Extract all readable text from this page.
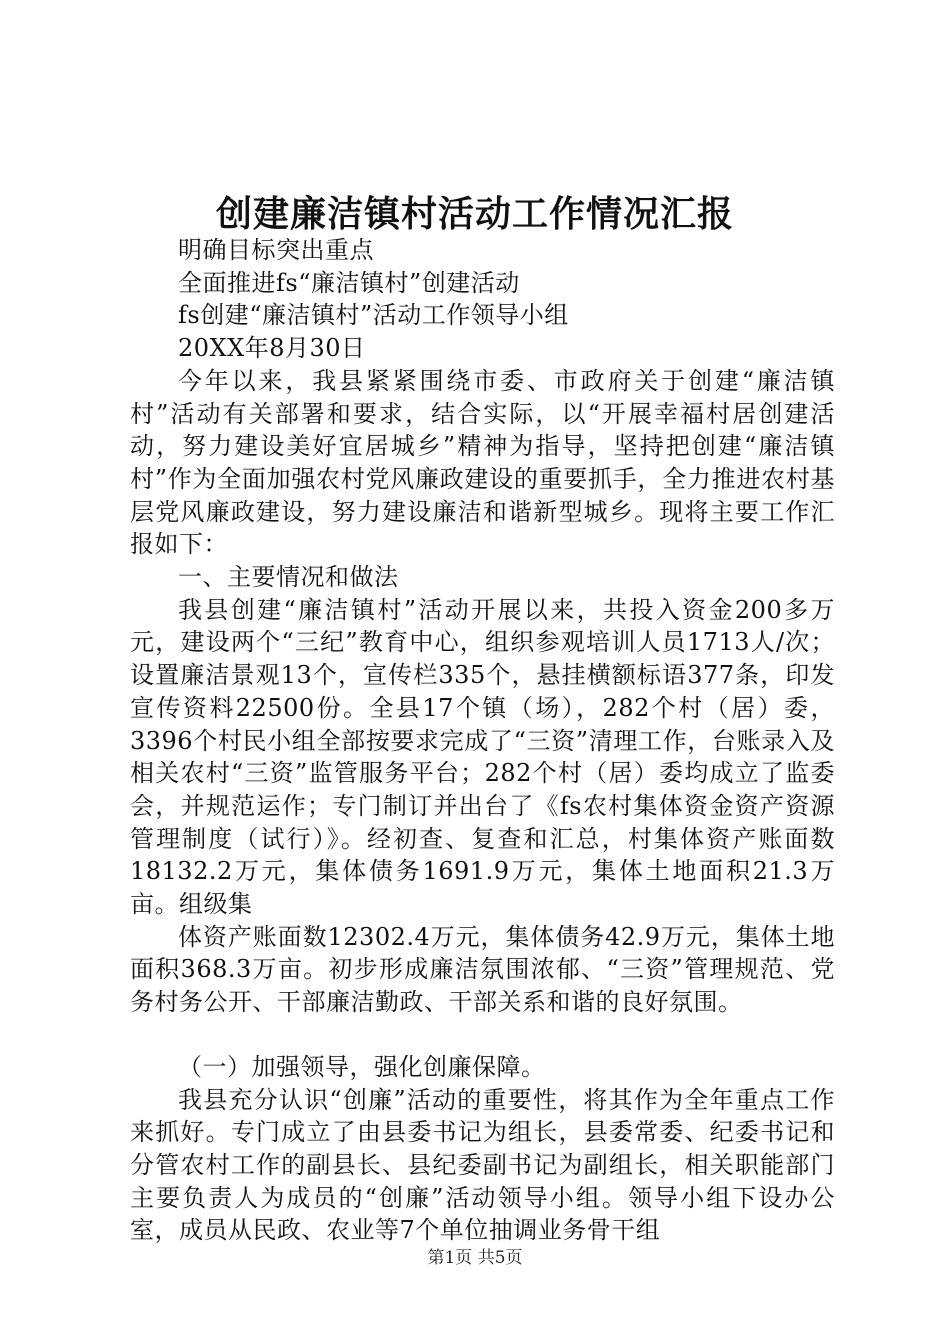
创建廉洁镇村活动工作情况汇报

明确目标突出重点

全面推进fs“廉洁镇村”创建活动

fs创建“廉洁镇村”活动工作领导小组

20XX年8月30日

今年以来，我县紧紧围绕市委、市政府关于创建“廉洁镇村”活动有关部署和要求，结合实际，以“开展幸福村居创建活动，努力建设美好宜居城乡”精神为指导，坚持把创建“廉洁镇村”作为全面加强农村党风廉政建设的重要抓手，全力推进农村基层党风廉政建设，努力建设廉洁和谐新型城乡。现将主要工作汇报如下：

一、主要情况和做法

我县创建“廉洁镇村”活动开展以来，共投入资金200多万元，建设两个“三纪”教育中心，组织参观培训人员1713人/次；设置廉洁景观13个，宣传栏335个，悬挂横额标语377条，印发宣传资料22500份。全县17个镇（场），282个村（居）委，3396个村民小组全部按要求完成了“三资”清理工作，台账录入及相关农村“三资”监管服务平台；282个村（居）委均成立了监委会，并规范运作；专门制订并出台了《fs农村集体资金资产资源管理制度（试行）》。经初查、复查和汇总，村集体资产账面数18132.2万元，集体债务1691.9万元，集体土地面积21.3万亩。组级集

体资产账面数12302.4万元，集体债务42.9万元，集体土地面积368.3万亩。初步形成廉洁氛围浓郁、“三资”管理规范、党务村务公开、干部廉洁勤政、干部关系和谐的良好氛围。

（一）加强领导，强化创廉保障。

我县充分认识“创廉”活动的重要性，将其作为全年重点工作来抓好。专门成立了由县委书记为组长，县委常委、纪委书记和分管农村工作的副县长、县纪委副书记为副组长，相关职能部门主要负责人为成员的“创廉”活动领导小组。领导小组下设办公室，成员从民政、农业等7个单位抽调业务骨干组

第1页 共5页
